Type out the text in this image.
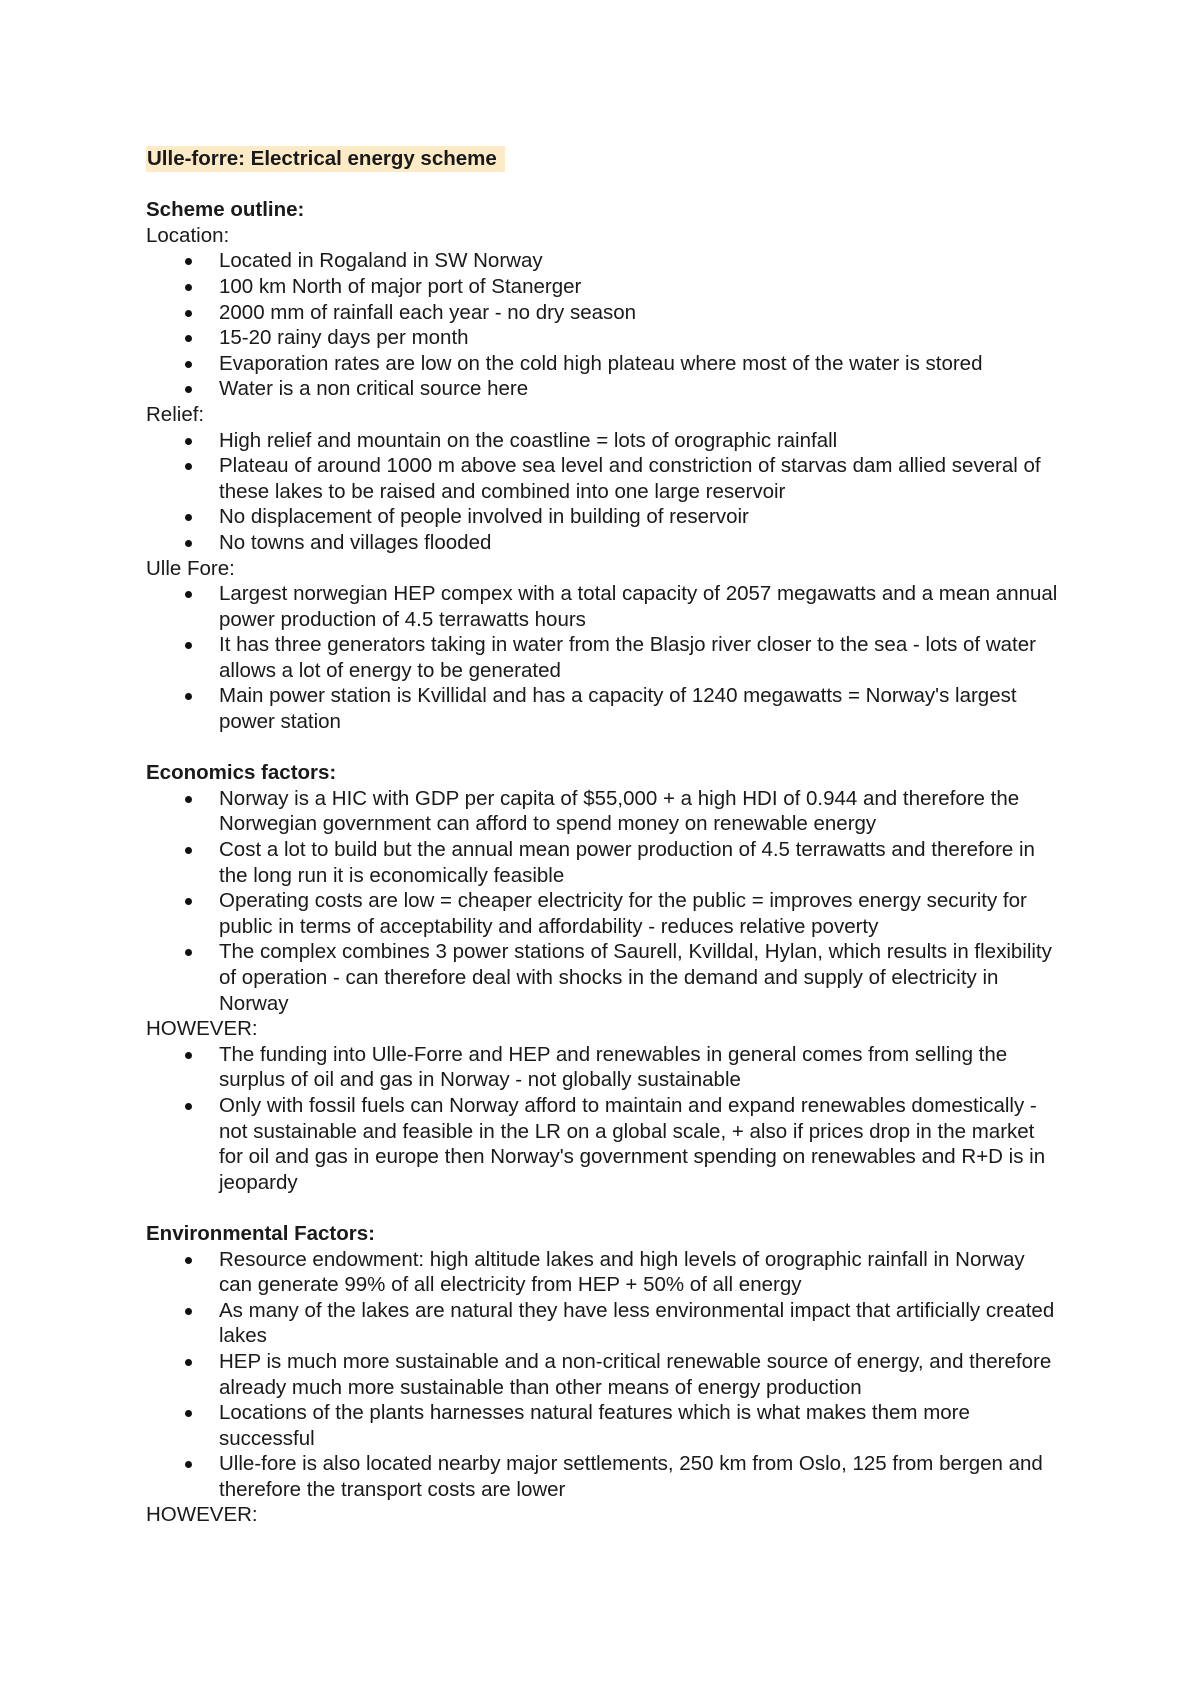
Ulle-forre: Electrical energy scheme
Scheme outline:
Location:
Located in Rogaland in SW Norway
100 km North of major port of Stanerger
2000 mm of rainfall each year - no dry season
15-20 rainy days per month
Evaporation rates are low on the cold high plateau where most of the water is stored
Water is a non critical source here
Relief:
High relief and mountain on the coastline = lots of orographic rainfall
Plateau of around 1000 m above sea level and constriction of starvas dam allied several of these lakes to be raised and combined into one large reservoir
No displacement of people involved in building of reservoir
No towns and villages flooded
Ulle Fore:
Largest norwegian HEP compex with a total capacity of 2057 megawatts and a mean annual power production of 4.5 terrawatts hours
It has three generators taking in water from the Blasjo river closer to the sea - lots of water allows a lot of energy to be generated
Main power station is Kvillidal and has a capacity of 1240 megawatts = Norway's largest power station
Economics factors:
Norway is a HIC with GDP per capita of $55,000 + a high HDI of 0.944 and therefore the Norwegian government can afford to spend money on renewable energy
Cost a lot to build but the annual mean power production of 4.5 terrawatts and therefore in the long run it is economically feasible
Operating costs are low = cheaper electricity for the public = improves energy security for public in terms of acceptability and affordability - reduces relative poverty
The complex combines 3 power stations of Saurell, Kvilldal, Hylan, which results in flexibility of operation - can therefore deal with shocks in the demand and supply of electricity in Norway
HOWEVER:
The funding into Ulle-Forre and HEP and renewables in general comes from selling the surplus of oil and gas in Norway - not globally sustainable
Only with fossil fuels can Norway afford to maintain and expand renewables domestically - not sustainable and feasible in the LR on a global scale, + also if prices drop in the market for oil and gas in europe then Norway's government spending on renewables and R+D is in jeopardy
Environmental Factors:
Resource endowment: high altitude lakes and high levels of orographic rainfall in Norway can generate 99% of all electricity from HEP + 50% of all energy
As many of the lakes are natural they have less environmental impact that artificially created lakes
HEP is much more sustainable and a non-critical renewable source of energy, and therefore already much more sustainable than other means of energy production
Locations of the plants harnesses natural features which is what makes them more successful
Ulle-fore is also located nearby major settlements, 250 km from Oslo, 125 from bergen and therefore the transport costs are lower
HOWEVER:
